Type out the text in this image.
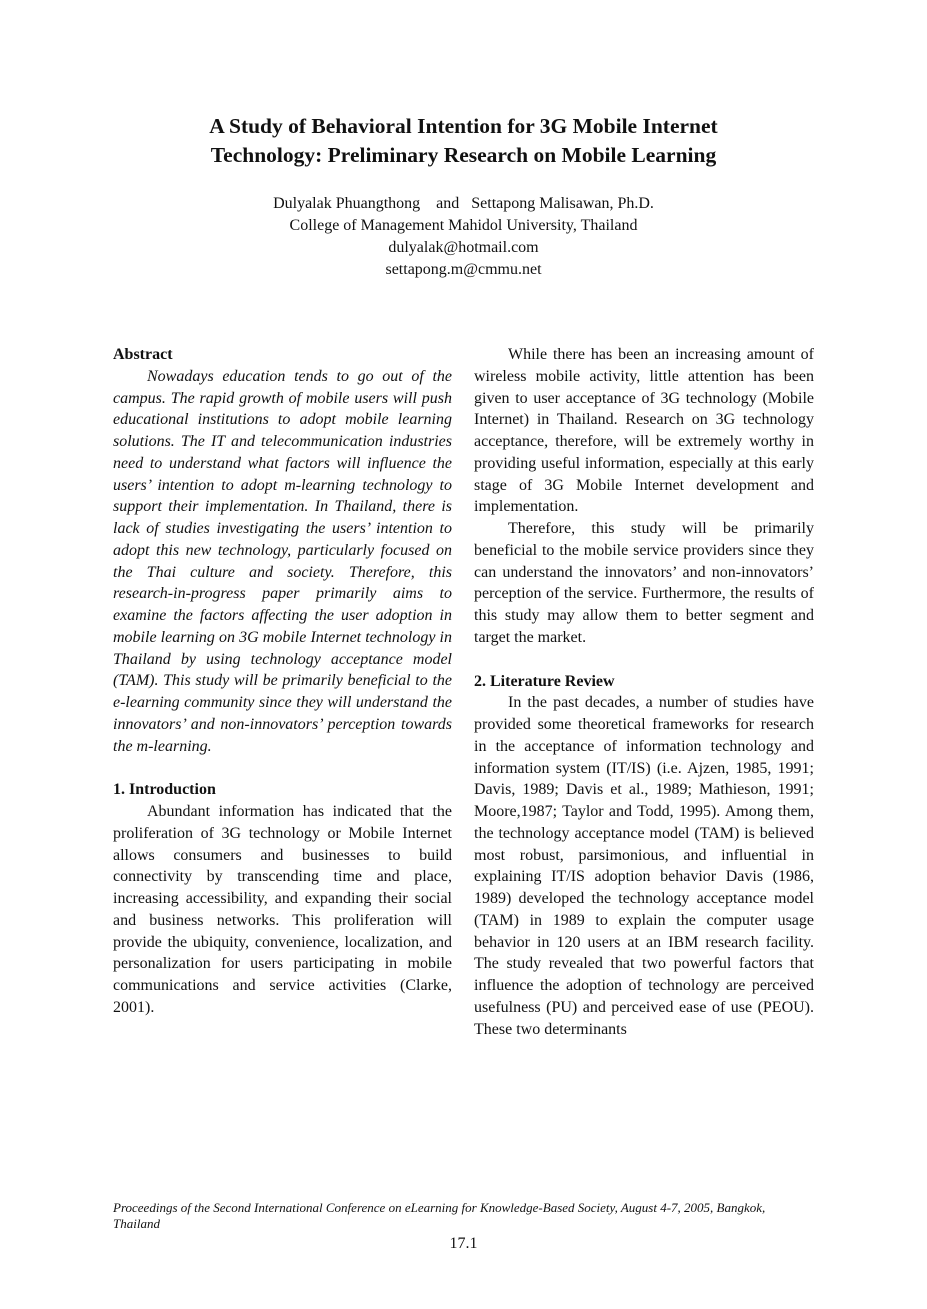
A Study of Behavioral Intention for 3G Mobile Internet
Technology: Preliminary Research on Mobile Learning
Dulyalak Phuangthong    and   Settapong Malisawan, Ph.D.
College of Management Mahidol University, Thailand
dulyalak@hotmail.com
settapong.m@cmmu.net
Abstract

Nowadays education tends to go out of the campus. The rapid growth of mobile users will push educational institutions to adopt mobile learning solutions. The IT and telecommunication industries need to understand what factors will influence the users’ intention to adopt m-learning technology to support their implementation. In Thailand, there is lack of studies investigating the users’ intention to adopt this new technology, particularly focused on the Thai culture and society. Therefore, this research-in-progress paper primarily aims to examine the factors affecting the user adoption in mobile learning on 3G mobile Internet technology in Thailand by using technology acceptance model (TAM). This study will be primarily beneficial to the e-learning community since they will understand the innovators’ and non-innovators’ perception towards the m-learning.

1. Introduction

Abundant information has indicated that the proliferation of 3G technology or Mobile Internet allows consumers and businesses to build connectivity by transcending time and place, increasing accessibility, and expanding their social and business networks. This proliferation will provide the ubiquity, convenience, localization, and personalization for users participating in mobile communications and service activities (Clarke, 2001).

While there has been an increasing amount of wireless mobile activity, little attention has been given to user acceptance of 3G technology (Mobile Internet) in Thailand. Research on 3G technology acceptance, therefore, will be extremely worthy in providing useful information, especially at this early stage of 3G Mobile Internet development and implementation.

Therefore, this study will be primarily beneficial to the mobile service providers since they can understand the innovators’ and non-innovators’ perception of the service. Furthermore, the results of this study may allow them to better segment and target the market.

2. Literature Review

In the past decades, a number of studies have provided some theoretical frameworks for research in the acceptance of information technology and information system (IT/IS) (i.e. Ajzen, 1985, 1991; Davis, 1989; Davis et al., 1989; Mathieson, 1991; Moore,1987; Taylor and Todd, 1995). Among them, the technology acceptance model (TAM) is believed most robust, parsimonious, and influential in explaining IT/IS adoption behavior Davis (1986, 1989) developed the technology acceptance model (TAM) in 1989 to explain the computer usage behavior in 120 users at an IBM research facility. The study revealed that two powerful factors that influence the adoption of technology are perceived usefulness (PU) and perceived ease of use (PEOU). These two determinants

Proceedings of the Second International Conference on eLearning for Knowledge-Based Society, August 4-7, 2005, Bangkok, Thailand
17.1
